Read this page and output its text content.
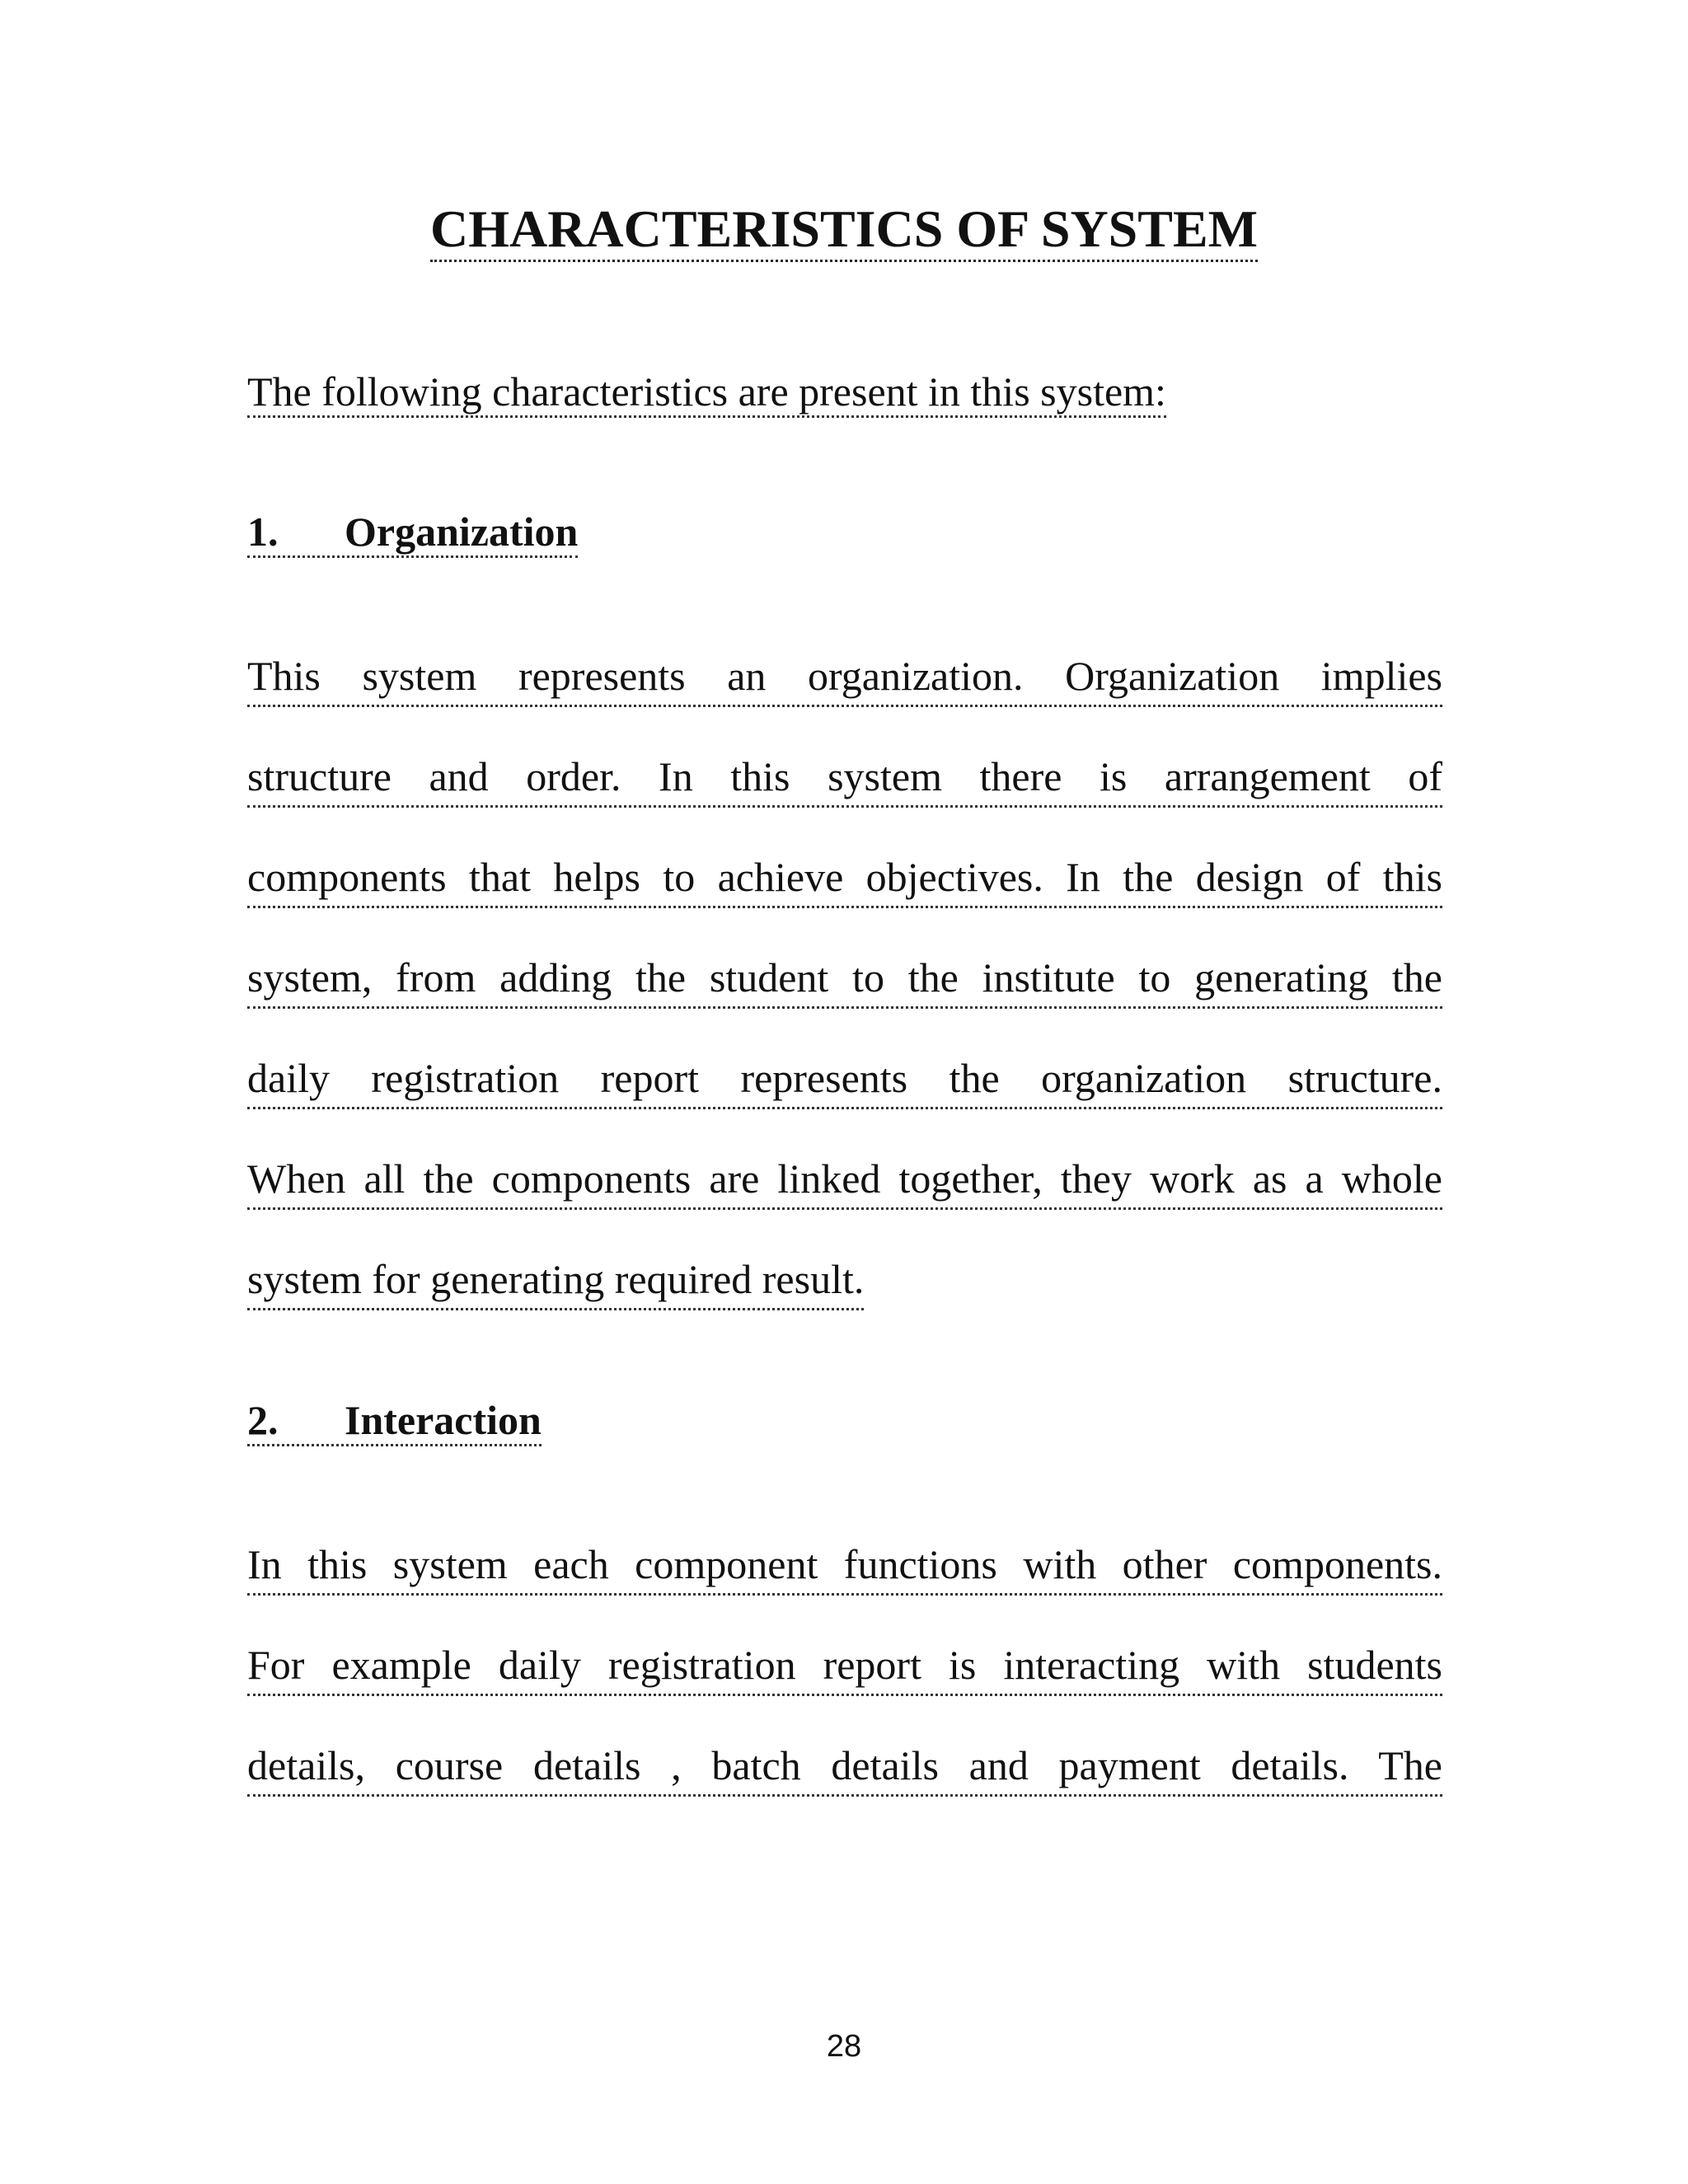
CHARACTERISTICS OF SYSTEM

The following characteristics are present in this system:

1. Organization
This system represents an organization. Organization implies
structure and order. In this system there is arrangement of
components that helps to achieve objectives. In the design of this
system, from adding the student to the institute to generating the
daily registration report represents the organization structure.
When all the components are linked together, they work as a whole
system for generating required result.
2. Interaction
In this system each component functions with other components.
For example daily registration report is interacting with students
details, course details , batch details and payment details. The

28
